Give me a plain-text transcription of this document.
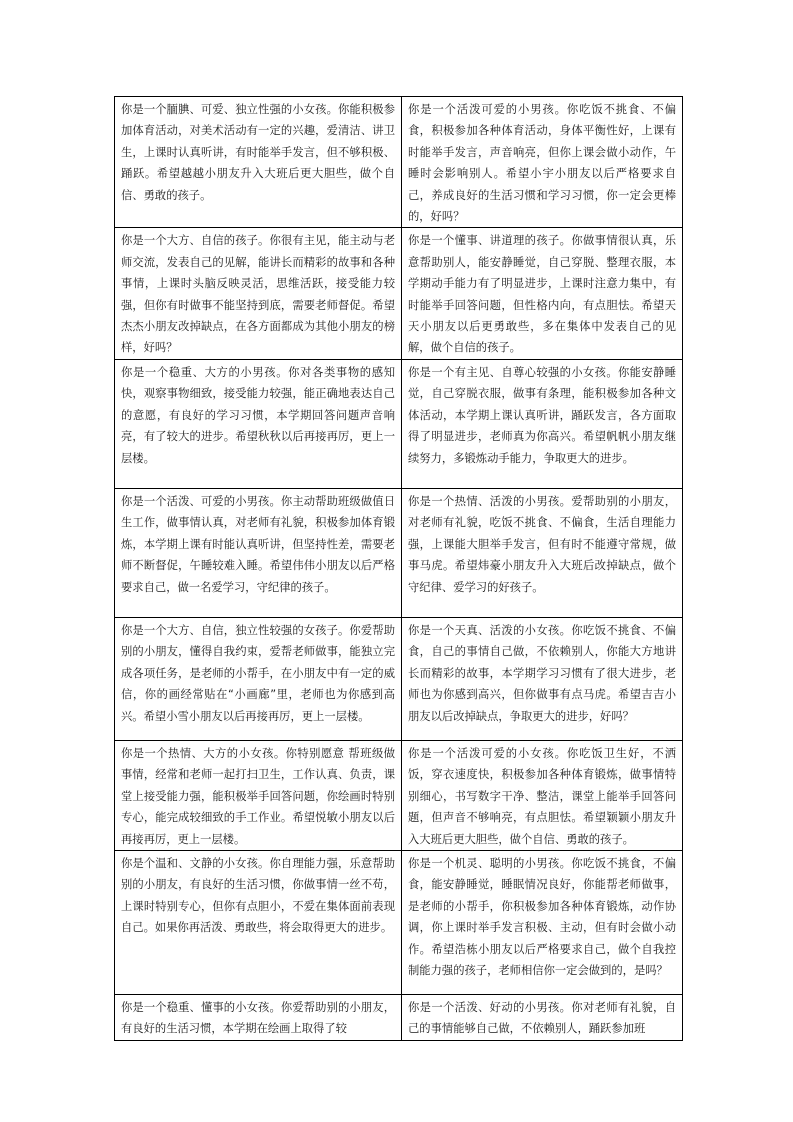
你是一个腼腆、可爱、独立性强的小女孩。你能积极参加体育活动，对美术活动有一定的兴趣，爱清洁、讲卫生，上课时认真听讲，有时能举手发言，但不够积极、踊跃。希望越越小朋友升入大班后更大胆些，做个自信、勇敢的孩子。	你是一个活泼可爱的小男孩。你吃饭不挑食、不偏食，积极参加各种体育活动，身体平衡性好，上课有时能举手发言，声音响亮，但你上课会做小动作，午睡时会影响别人。希望小宇小朋友以后严格要求自己，养成良好的生活习惯和学习习惯，你一定会更棒的，好吗？
你是一个大方、自信的孩子。你很有主见，能主动与老师交流，发表自己的见解，能讲长而精彩的故事和各种事情，上课时头脑反映灵活，思维活跃，接受能力较强，但你有时做事不能坚持到底，需要老师督促。希望杰杰小朋友改掉缺点，在各方面都成为其他小朋友的榜样，好吗？	你是一个懂事、讲道理的孩子。你做事情很认真，乐意帮助别人，能安静睡觉，自己穿脱、整理衣服，本学期动手能力有了明显进步，上课时注意力集中，有时能举手回答问题，但性格内向，有点胆怯。希望天天小朋友以后更勇敢些，多在集体中发表自己的见解，做个自信的孩子。
你是一个稳重、大方的小男孩。你对各类事物的感知快，观察事物细致，接受能力较强，能正确地表达自己的意愿，有良好的学习习惯，本学期回答问题声音响亮，有了较大的进步。希望秋秋以后再接再厉，更上一层楼。	你是一个有主见、自尊心较强的小女孩。你能安静睡觉，自己穿脱衣服，做事有条理，能积极参加各种文体活动，本学期上课认真听讲，踊跃发言，各方面取得了明显进步，老师真为你高兴。希望帆帆小朋友继续努力，多锻炼动手能力，争取更大的进步。
你是一个活泼、可爱的小男孩。你主动帮助班级做值日生工作，做事情认真，对老师有礼貌，积极参加体育锻炼，本学期上课有时能认真听讲，但坚持性差，需要老师不断督促，午睡较难入睡。希望伟伟小朋友以后严格要求自己，做一名爱学习，守纪律的孩子。	你是一个热情、活泼的小男孩。爱帮助别的小朋友，对老师有礼貌，吃饭不挑食、不偏食，生活自理能力强，上课能大胆举手发言，但有时不能遵守常规，做事马虎。希望炜豪小朋友升入大班后改掉缺点，做个守纪律、爱学习的好孩子。
你是一个大方、自信，独立性较强的女孩子。你爱帮助别的小朋友，懂得自我约束，爱帮老师做事，能独立完成各项任务，是老师的小帮手，在小朋友中有一定的威信，你的画经常贴在“小画廊”里，老师也为你感到高兴。希望小雪小朋友以后再接再厉，更上一层楼。	你是一个天真、活泼的小女孩。你吃饭不挑食、不偏食，自己的事情自己做，不依赖别人，你能大方地讲长而精彩的故事，本学期学习习惯有了很大进步，老师也为你感到高兴，但你做事有点马虎。希望吉吉小朋友以后改掉缺点，争取更大的进步，好吗？
你是一个热情、大方的小女孩。你特别愿意 帮班级做事情，经常和老师一起打扫卫生，工作认真、负责，课堂上接受能力强，能积极举手回答问题，你绘画时特别专心，能完成较细致的手工作业。希望悦敏小朋友以后再接再厉，更上一层楼。	你是一个活泼可爱的小女孩。你吃饭卫生好，不洒饭，穿衣速度快，积极参加各种体育锻炼，做事情特别细心，书写数字干净、整洁，课堂上能举手回答问题，但声音不够响亮，有点胆怯。希望颖颖小朋友升入大班后更大胆些，做个自信、勇敢的孩子。
你是个温和、文静的小女孩。你自理能力强，乐意帮助别的小朋友，有良好的生活习惯，你做事情一丝不苟，上课时特别专心，但你有点胆小，不爱在集体面前表现自己。如果你再活泼、勇敢些，将会取得更大的进步。	你是一个机灵、聪明的小男孩。你吃饭不挑食，不偏食，能安静睡觉，睡眠情况良好，你能帮老师做事，是老师的小帮手，你积极参加各种体育锻炼，动作协调，你上课时举手发言积极、主动，但有时会做小动作。希望浩栋小朋友以后严格要求自己，做个自我控制能力强的孩子，老师相信你一定会做到的，是吗？
你是一个稳重、懂事的小女孩。你爱帮助别的小朋友，有良好的生活习惯，本学期在绘画上取得了较	你是一个活泼、好动的小男孩。你对老师有礼貌，自己的事情能够自己做，不依赖别人，踊跃参加班
